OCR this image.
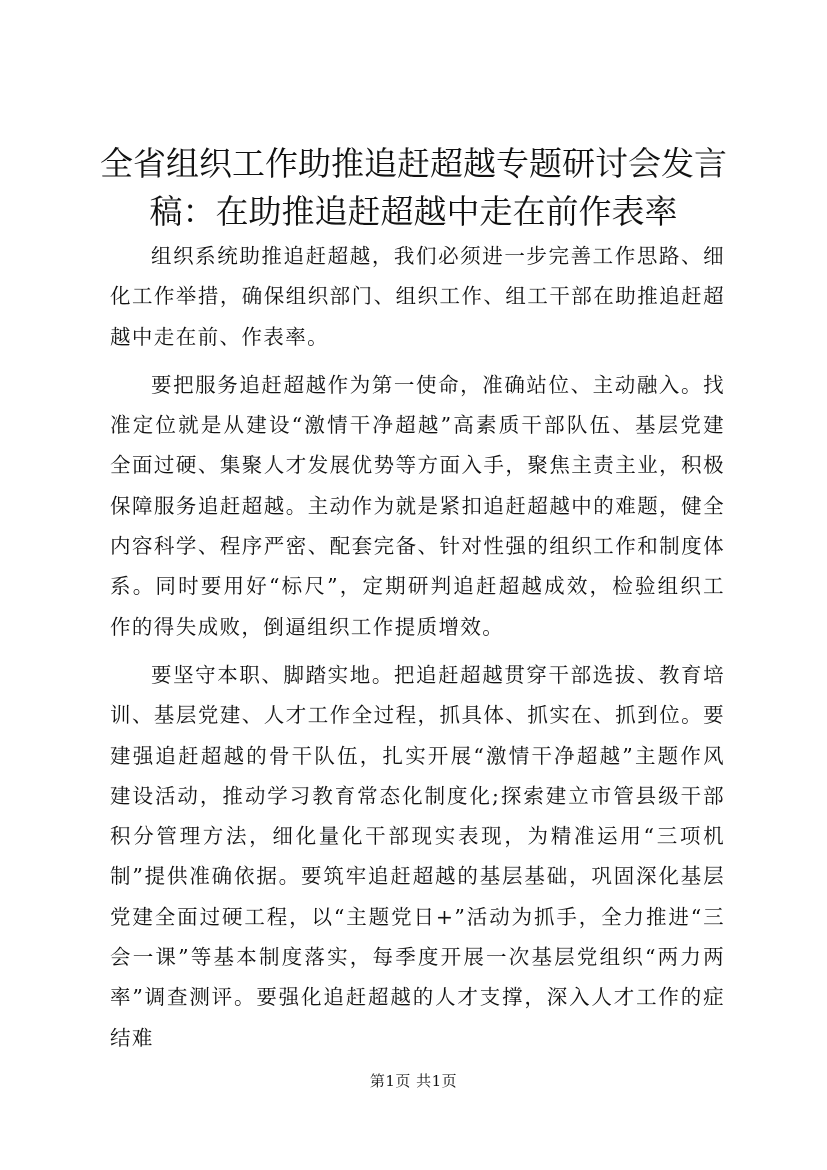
全省组织工作助推追赶超越专题研讨会发言稿：在助推追赶超越中走在前作表率

组织系统助推追赶超越，我们必须进一步完善工作思路、细化工作举措，确保组织部门、组织工作、组工干部在助推追赶超越中走在前、作表率。

要把服务追赶超越作为第一使命，准确站位、主动融入。找准定位就是从建设“激情干净超越”高素质干部队伍、基层党建全面过硬、集聚人才发展优势等方面入手，聚焦主责主业，积极保障服务追赶超越。主动作为就是紧扣追赶超越中的难题，健全内容科学、程序严密、配套完备、针对性强的组织工作和制度体系。同时要用好“标尺”，定期研判追赶超越成效，检验组织工作的得失成败，倒逼组织工作提质增效。

要坚守本职、脚踏实地。把追赶超越贯穿干部选拔、教育培训、基层党建、人才工作全过程，抓具体、抓实在、抓到位。要建强追赶超越的骨干队伍，扎实开展“激情干净超越”主题作风建设活动，推动学习教育常态化制度化;探索建立市管县级干部积分管理方法，细化量化干部现实表现，为精准运用“三项机制”提供准确依据。要筑牢追赶超越的基层基础，巩固深化基层党建全面过硬工程，以“主题党日+”活动为抓手，全力推进“三会一课”等基本制度落实，每季度开展一次基层党组织“两力两率”调查测评。要强化追赶超越的人才支撑，深入人才工作的症结难

第1页 共1页
